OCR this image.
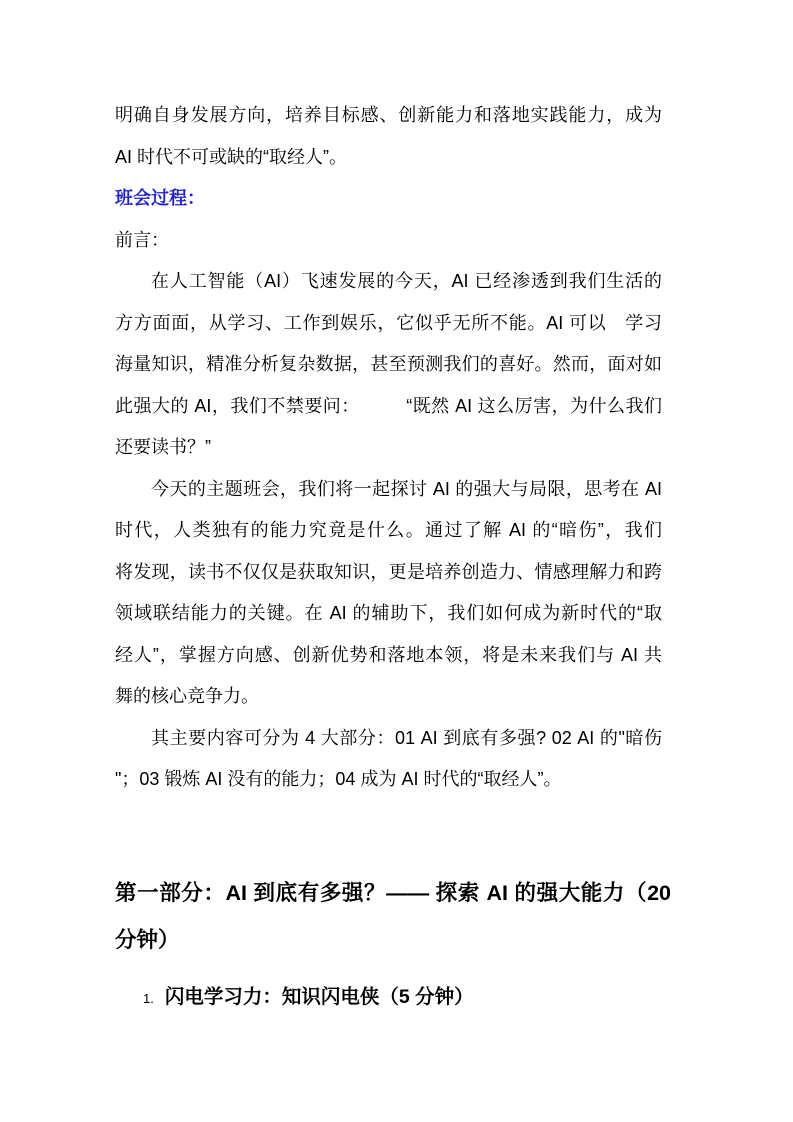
明确自身发展方向，培养目标感、创新能力和落地实践能力，成为
AI 时代不可或缺的“取经人”。
班会过程：
前言：
在人工智能（AI）飞速发展的今天，AI 已经渗透到我们生活的
方方面面，从学习、工作到娱乐，它似乎无所不能。AI 可以　学习
海量知识，精准分析复杂数据，甚至预测我们的喜好。然而，面对如
此强大的 AI，我们不禁要问：　　　“既然 AI 这么厉害，为什么我们
还要读书？”
今天的主题班会，我们将一起探讨 AI 的强大与局限，思考在 AI
时代，人类独有的能力究竟是什么。通过了解 AI 的“暗伤”，我们
将发现，读书不仅仅是获取知识，更是培养创造力、情感理解力和跨
领域联结能力的关键。在 AI 的辅助下，我们如何成为新时代的“取
经人”，掌握方向感、创新优势和落地本领，将是未来我们与 AI 共
舞的核心竞争力。
其主要内容可分为 4 大部分：01 AI 到底有多强? 02 AI 的"暗伤
"；03 锻炼 AI 没有的能力；04 成为 AI 时代的“取经人”。
第一部分：AI 到底有多强？—— 探索 AI 的强大能力（20
分钟）
1. 闪电学习力：知识闪电侠（5 分钟）
